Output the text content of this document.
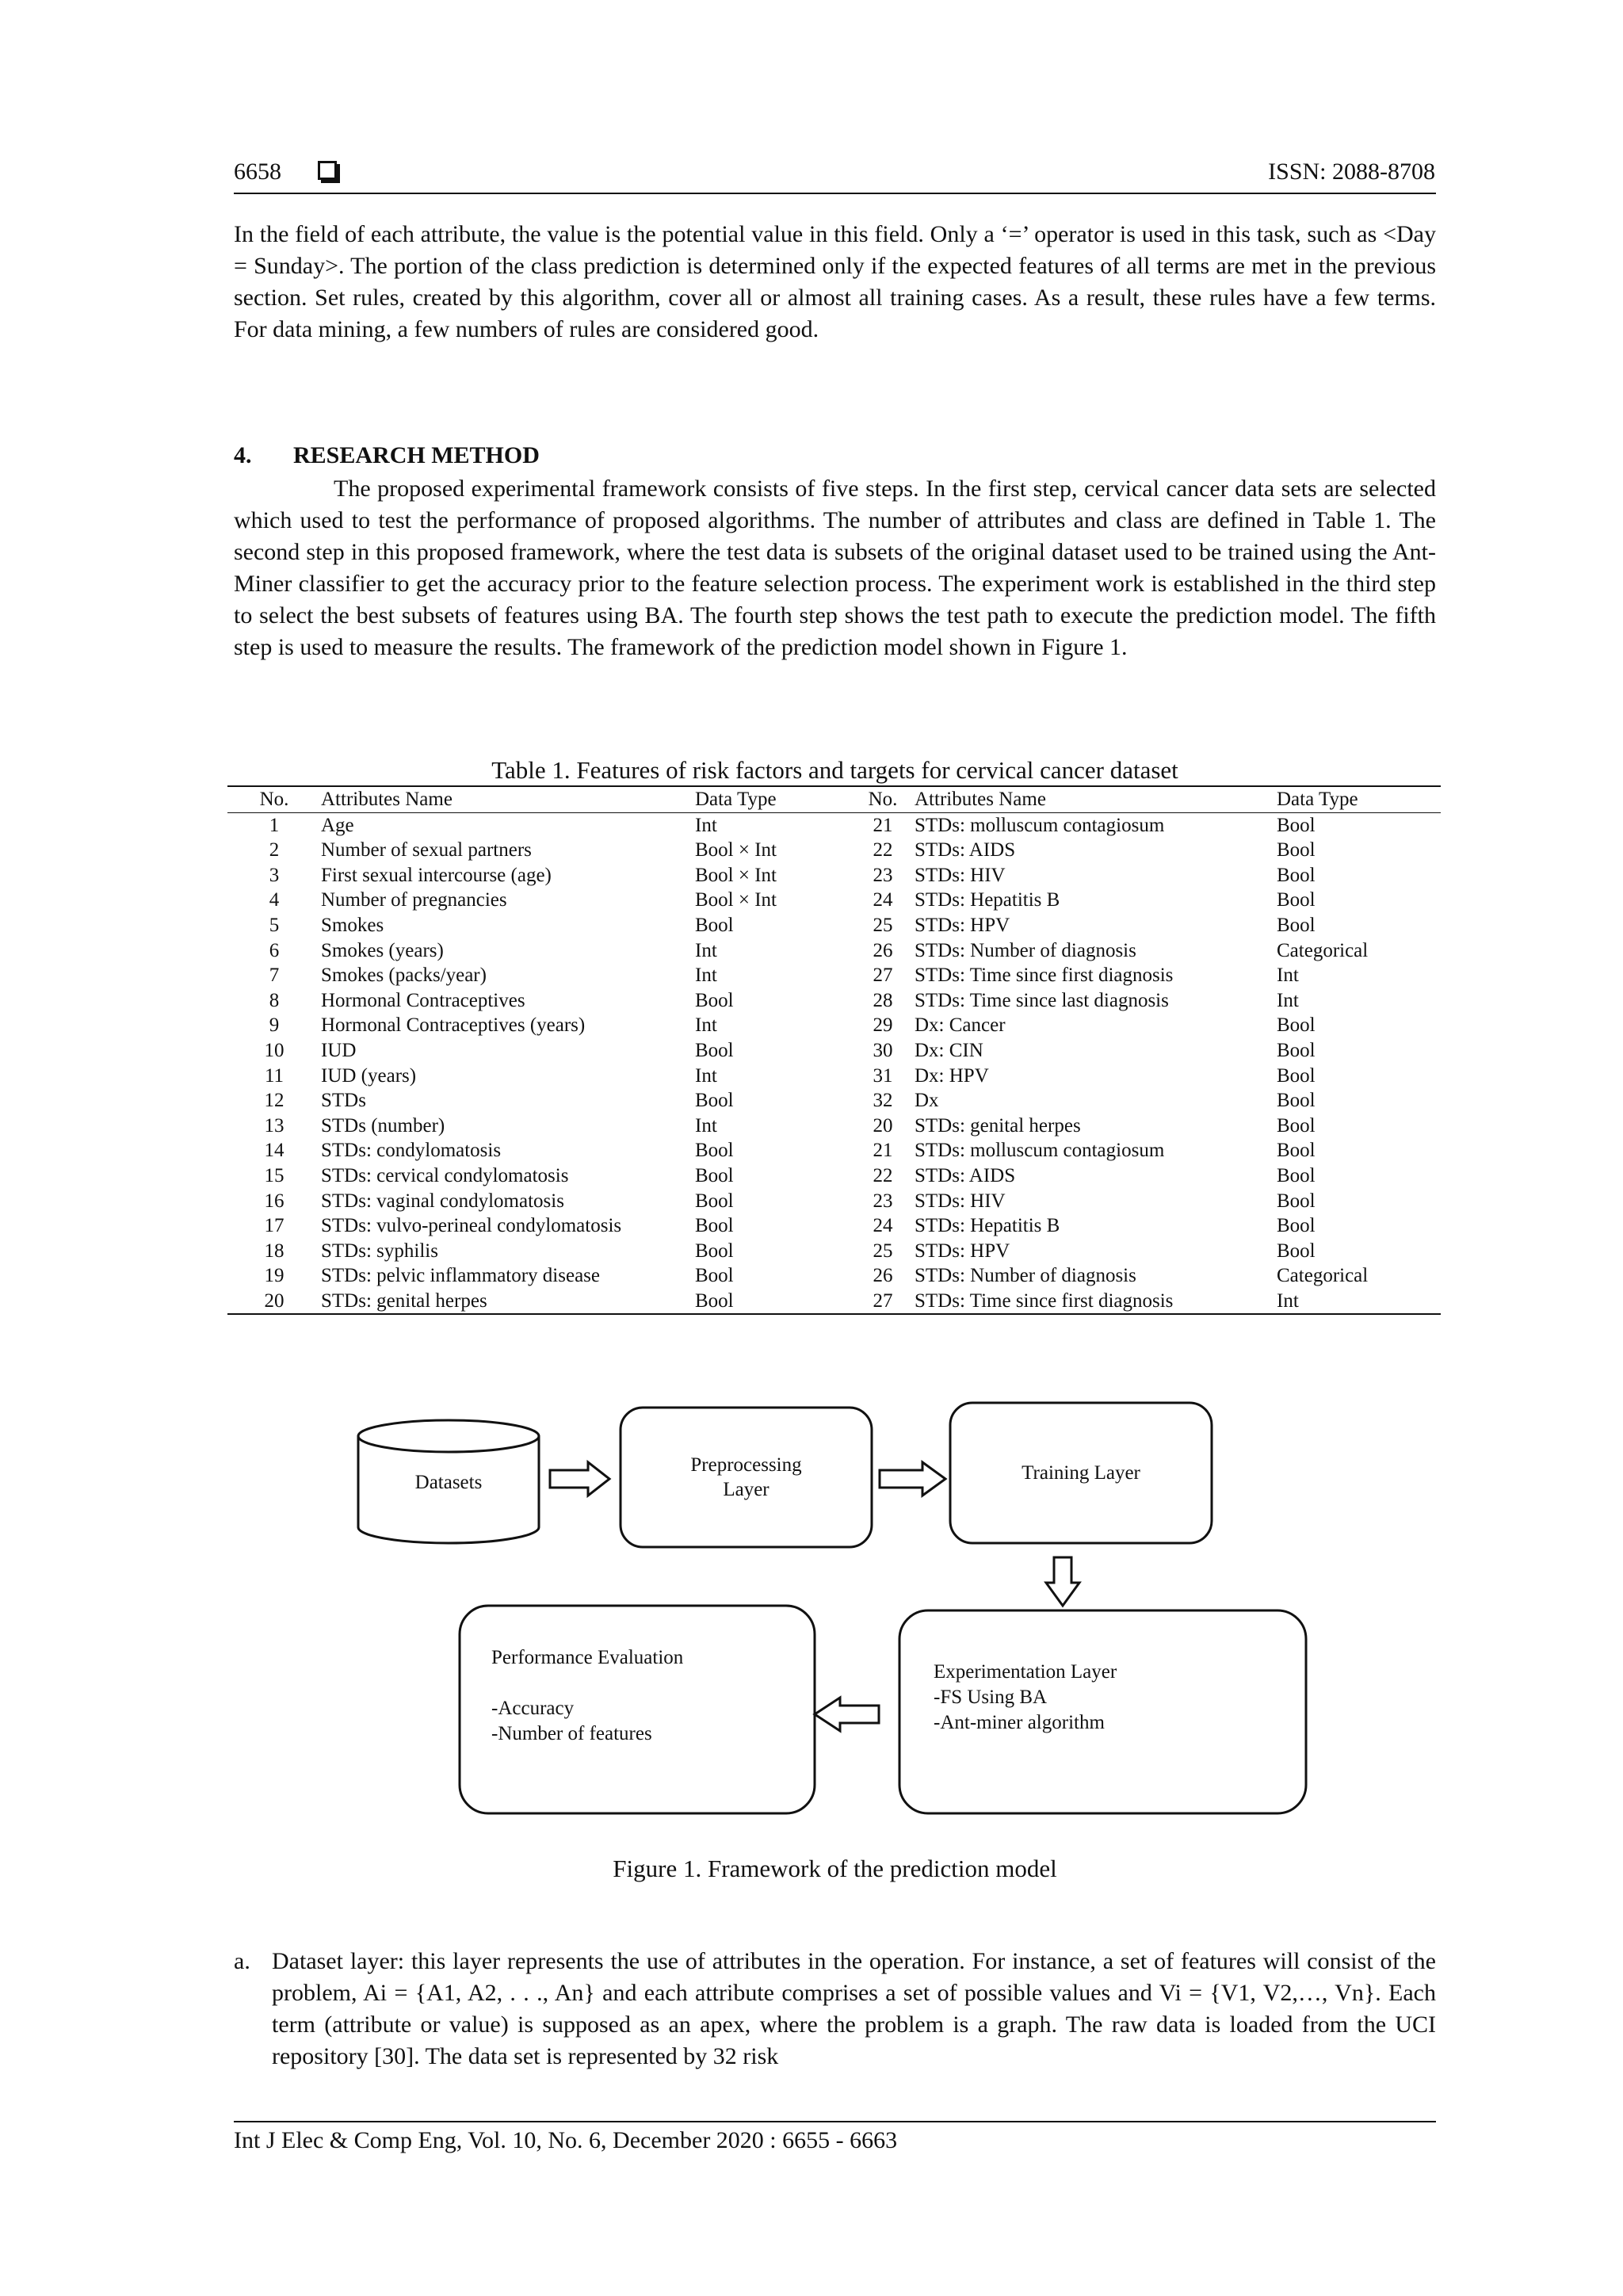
6658	ISSN: 2088-8708
In the field of each attribute, the value is the potential value in this field. Only a ‘=’ operator is used in this task, such as <Day = Sunday>. The portion of the class prediction is determined only if the expected features of all terms are met in the previous section. Set rules, created by this algorithm, cover all or almost all training cases. As a result, these rules have a few terms. For data mining, a few numbers of rules are considered good.
4. RESEARCH METHOD
The proposed experimental framework consists of five steps. In the first step, cervical cancer data sets are selected which used to test the performance of proposed algorithms. The number of attributes and class are defined in Table 1. The second step in this proposed framework, where the test data is subsets of the original dataset used to be trained using the Ant-Miner classifier to get the accuracy prior to the feature selection process. The experiment work is established in the third step to select the best subsets of features using BA. The fourth step shows the test path to execute the prediction model. The fifth step is used to measure the results. The framework of the prediction model shown in Figure 1.
Table 1. Features of risk factors and targets for cervical cancer dataset
No.	Attributes Name	Data Type	No.	Attributes Name	Data Type
1	Age	Int	21	STDs: molluscum contagiosum	Bool
2	Number of sexual partners	Bool × Int	22	STDs: AIDS	Bool
3	First sexual intercourse (age)	Bool × Int	23	STDs: HIV	Bool
4	Number of pregnancies	Bool × Int	24	STDs: Hepatitis B	Bool
5	Smokes	Bool	25	STDs: HPV	Bool
6	Smokes (years)	Int	26	STDs: Number of diagnosis	Categorical
7	Smokes (packs/year)	Int	27	STDs: Time since first diagnosis	Int
8	Hormonal Contraceptives	Bool	28	STDs: Time since last diagnosis	Int
9	Hormonal Contraceptives (years)	Int	29	Dx: Cancer	Bool
10	IUD	Bool	30	Dx: CIN	Bool
11	IUD (years)	Int	31	Dx: HPV	Bool
12	STDs	Bool	32	Dx	Bool
13	STDs (number)	Int	20	STDs: genital herpes	Bool
14	STDs: condylomatosis	Bool	21	STDs: molluscum contagiosum	Bool
15	STDs: cervical condylomatosis	Bool	22	STDs: AIDS	Bool
16	STDs: vaginal condylomatosis	Bool	23	STDs: HIV	Bool
17	STDs: vulvo-perineal condylomatosis	Bool	24	STDs: Hepatitis B	Bool
18	STDs: syphilis	Bool	25	STDs: HPV	Bool
19	STDs: pelvic inflammatory disease	Bool	26	STDs: Number of diagnosis	Categorical
20	STDs: genital herpes	Bool	27	STDs: Time since first diagnosis	Int
Datasets
Preprocessing
Layer
Training Layer
Experimentation Layer
-FS Using BA
-Ant-miner algorithm
Performance Evaluation
-Accuracy
-Number of features
Figure 1. Framework of the prediction model
a. Dataset layer: this layer represents the use of attributes in the operation. For instance, a set of features will consist of the problem, Ai = {A1, A2, . . ., An} and each attribute comprises a set of possible values and Vi = {V1, V2,…, Vn}. Each term (attribute or value) is supposed as an apex, where the problem is a graph. The raw data is loaded from the UCI repository [30]. The data set is represented by 32 risk
Int J Elec & Comp Eng, Vol. 10, No. 6, December 2020 : 6655 - 6663
